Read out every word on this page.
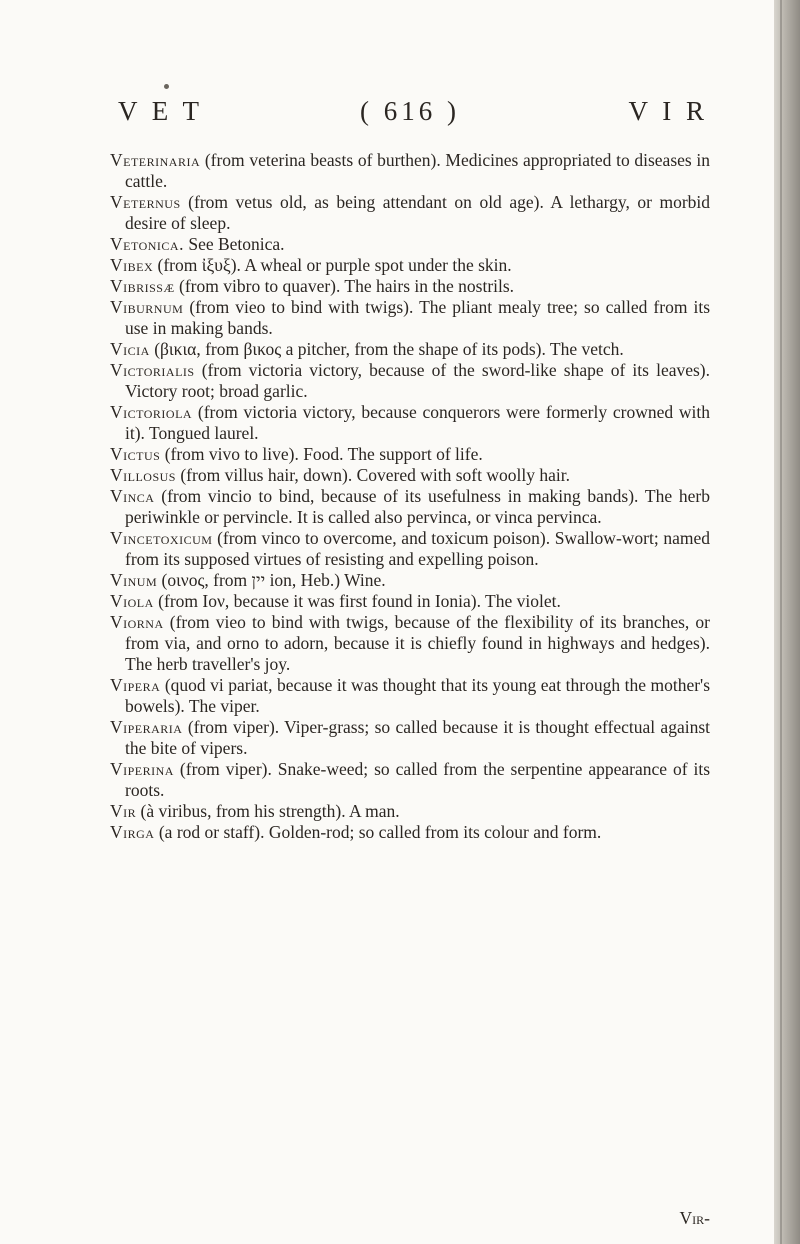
V E T	( 616 )	V I R

Veterinaria (from veterina beasts of burthen). Medicines appropriated to diseases in cattle.

Veternus (from vetus old, as being attendant on old age). A lethargy, or morbid desire of sleep.

Vetonica. See Betonica.

Vibex (from ἰξυξ). A wheal or purple spot under the skin.

Vibrissæ (from vibro to quaver). The hairs in the nostrils.

Viburnum (from vieo to bind with twigs). The pliant mealy tree; so called from its use in making bands.

Vicia (βικια, from βικος a pitcher, from the shape of its pods). The vetch.

Victorialis (from victoria victory, because of the sword-like shape of its leaves). Victory root; broad garlic.

Victoriola (from victoria victory, because conquerors were formerly crowned with it). Tongued laurel.

Victus (from vivo to live). Food. The support of life.

Villosus (from villus hair, down). Covered with soft woolly hair.

Vinca (from vincio to bind, because of its usefulness in making bands). The herb periwinkle or pervincle. It is called also pervinca, or vinca pervinca.

Vincetoxicum (from vinco to overcome, and toxicum poison). Swallow-wort; named from its supposed virtues of resisting and expelling poison.

Vinum (οινος, from יין ion, Heb.) Wine.

Viola (from Ιον, because it was first found in Ionia). The violet.

Viorna (from vieo to bind with twigs, because of the flexibility of its branches, or from via, and orno to adorn, because it is chiefly found in highways and hedges). The herb traveller's joy.

Vipera (quod vi pariat, because it was thought that its young eat through the mother's bowels). The viper.

Viperaria (from viper). Viper-grass; so called because it is thought effectual against the bite of vipers.

Viperina (from viper). Snake-weed; so called from the serpentine appearance of its roots.

Vir (à viribus, from his strength). A man.

Virga (a rod or staff). Golden-rod; so called from its colour and form.

Vir-
